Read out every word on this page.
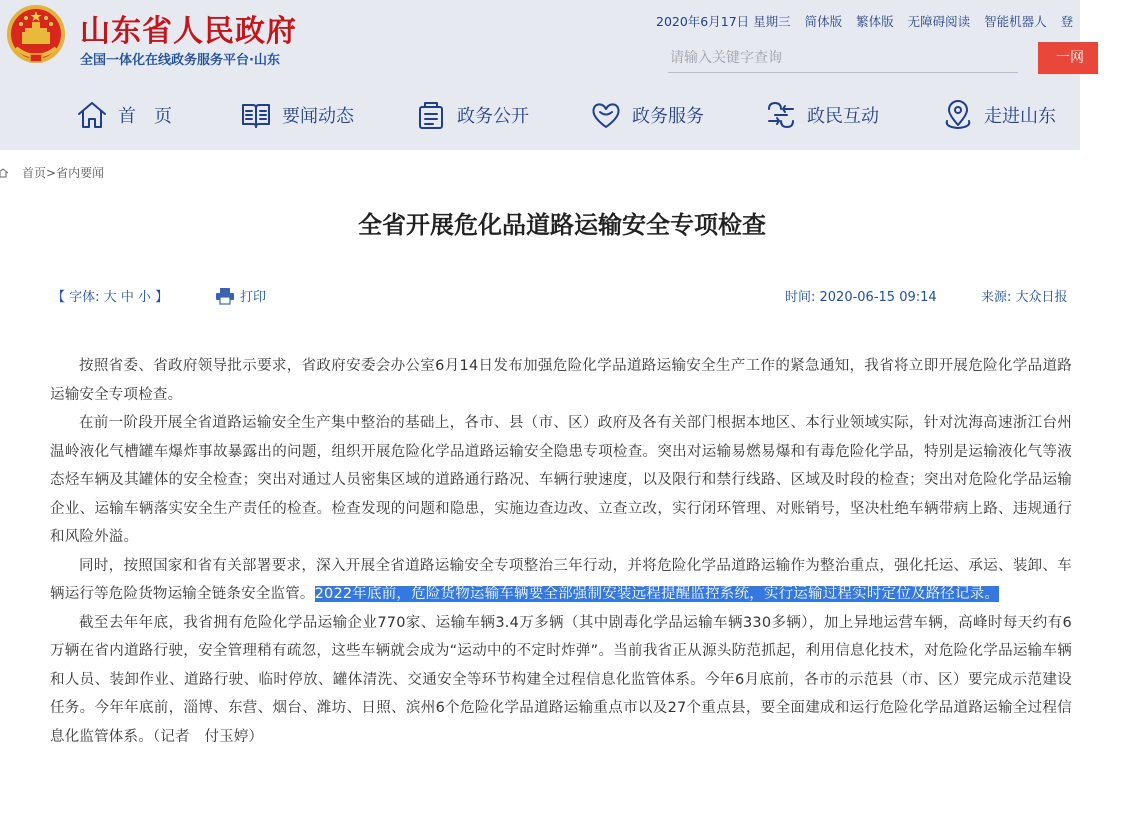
山东省人民政府
全国一体化在线政务服务平台·山东
2020年6月17日 星期三 简体版 繁体版 无障碍阅读 智能机器人 登
请输入关键字查询
一网
首　页	要闻动态	政务公开	政务服务	政民互动	走进山东
首页>省内要闻
全省开展危化品道路运输安全专项检查
【 字体: 大 中 小 】	打印	时间: 2020-06-15 09:14	来源: 大众日报

按照省委、省政府领导批示要求，省政府安委会办公室6月14日发布加强危险化学品道路运输安全生产工作的紧急通知，我省将立即开展危险化学品道路运输安全专项检查。

在前一阶段开展全省道路运输安全生产集中整治的基础上，各市、县（市、区）政府及各有关部门根据本地区、本行业领域实际，针对沈海高速浙江台州温岭液化气槽罐车爆炸事故暴露出的问题，组织开展危险化学品道路运输安全隐患专项检查。突出对运输易燃易爆和有毒危险化学品，特别是运输液化气等液态烃车辆及其罐体的安全检查；突出对通过人员密集区域的道路通行路况、车辆行驶速度，以及限行和禁行线路、区域及时段的检查；突出对危险化学品运输企业、运输车辆落实安全生产责任的检查。检查发现的问题和隐患，实施边查边改、立查立改，实行闭环管理、对账销号，坚决杜绝车辆带病上路、违规通行和风险外溢。

同时，按照国家和省有关部署要求，深入开展全省道路运输安全专项整治三年行动，并将危险化学品道路运输作为整治重点，强化托运、承运、装卸、车辆运行等危险货物运输全链条安全监管。2022年底前，危险货物运输车辆要全部强制安装远程提醒监控系统，实行运输过程实时定位及路径记录。

截至去年年底，我省拥有危险化学品运输企业770家、运输车辆3.4万多辆（其中剧毒化学品运输车辆330多辆），加上异地运营车辆，高峰时每天约有6万辆在省内道路行驶，安全管理稍有疏忽，这些车辆就会成为“运动中的不定时炸弹”。当前我省正从源头防范抓起，利用信息化技术，对危险化学品运输车辆和人员、装卸作业、道路行驶、临时停放、罐体清洗、交通安全等环节构建全过程信息化监管体系。今年6月底前，各市的示范县（市、区）要完成示范建设任务。今年年底前，淄博、东营、烟台、潍坊、日照、滨州6个危险化学品道路运输重点市以及27个重点县，要全面建成和运行危险化学品道路运输全过程信息化监管体系。（记者　付玉婷）
